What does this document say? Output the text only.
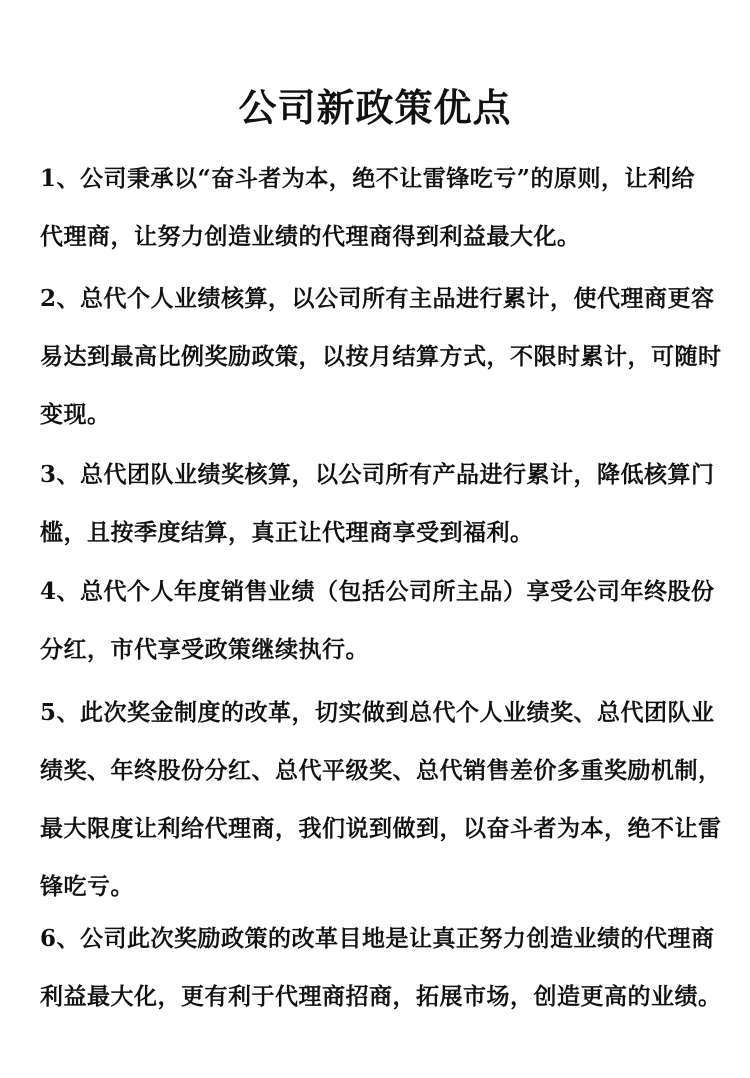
公司新政策优点
1、公司秉承以“奋斗者为本，绝不让雷锋吃亏”的原则，让利给
代理商，让努力创造业绩的代理商得到利益最大化。
2、总代个人业绩核算，以公司所有主品进行累计，使代理商更容
易达到最高比例奖励政策，以按月结算方式，不限时累计，可随时
变现。
3、总代团队业绩奖核算，以公司所有产品进行累计，降低核算门
槛，且按季度结算，真正让代理商享受到福利。
4、总代个人年度销售业绩（包括公司所主品）享受公司年终股份
分红，市代享受政策继续执行。
5、此次奖金制度的改革，切实做到总代个人业绩奖、总代团队业
绩奖、年终股份分红、总代平级奖、总代销售差价多重奖励机制，
最大限度让利给代理商，我们说到做到，以奋斗者为本，绝不让雷
锋吃亏。
6、公司此次奖励政策的改革目地是让真正努力创造业绩的代理商
利益最大化，更有利于代理商招商，拓展市场，创造更高的业绩。
